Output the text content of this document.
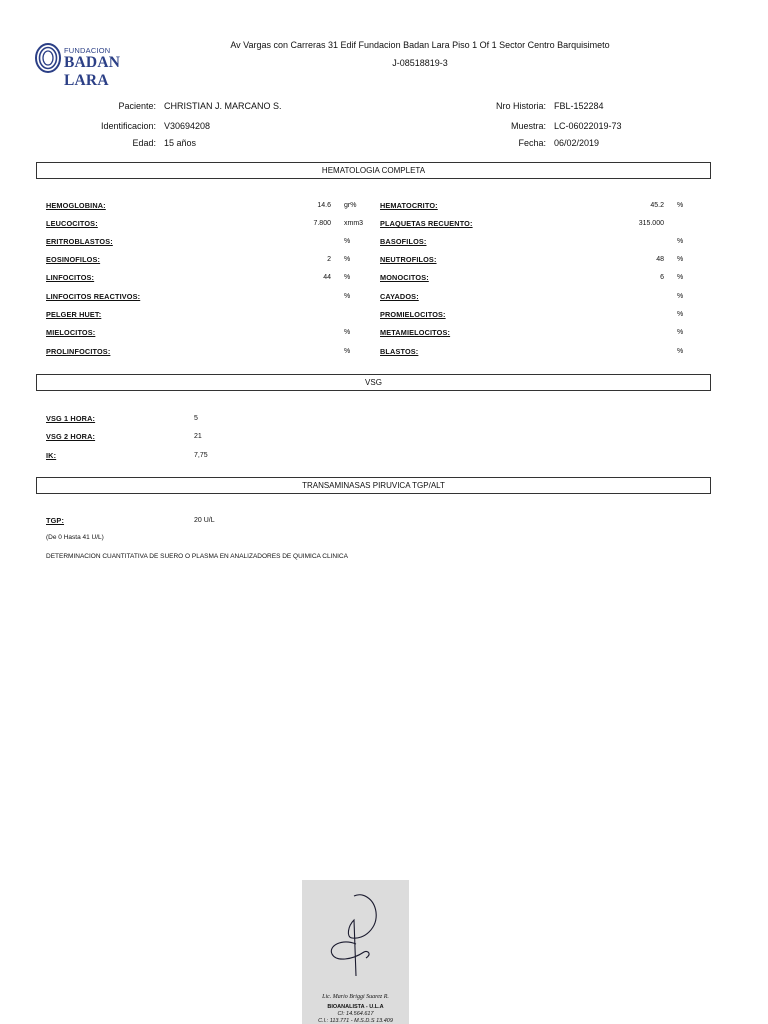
FUNDACION
BADAN LARA
Av Vargas con Carreras 31 Edif Fundacion Badan Lara Piso 1 Of 1 Sector Centro Barquisimeto
J-08518819-3
Paciente: CHRISTIAN J. MARCANO S.
Identificacion: V30694208
Edad: 15 años
Nro Historia: FBL-152284
Muestra: LC-06022019-73
Fecha: 06/02/2019
HEMATOLOGIA COMPLETA
HEMOGLOBINA:	14.6 gr%
LEUCOCITOS:	7.800 xmm3
ERITROBLASTOS:	%
EOSINOFILOS:	2 %
LINFOCITOS:	44 %
LINFOCITOS REACTIVOS:	%
PELGER HUET:
MIELOCITOS:	%
PROLINFOCITOS:	%
HEMATOCRITO:	45.2 %
PLAQUETAS RECUENTO:	315.000
BASOFILOS:	%
NEUTROFILOS:	48 %
MONOCITOS:	6 %
CAYADOS:	%
PROMIELOCITOS:	%
METAMIELOCITOS:	%
BLASTOS:	%
VSG
VSG 1 HORA:	5
VSG 2 HORA:	21
IK:	7,75
TRANSAMINASAS PIRUVICA TGP/ALT
TGP:	20 U/L
(De 0 Hasta 41 U/L)
DETERMINACION CUANTITATIVA DE SUERO O PLASMA EN ANALIZADORES DE QUIMICA CLINICA
Lic. Mario Briggi Suarez R.
BIOANALISTA - U.L.A
CI: 14.564.617
C.I.: 113.771 - M.S.D.S 13.409
